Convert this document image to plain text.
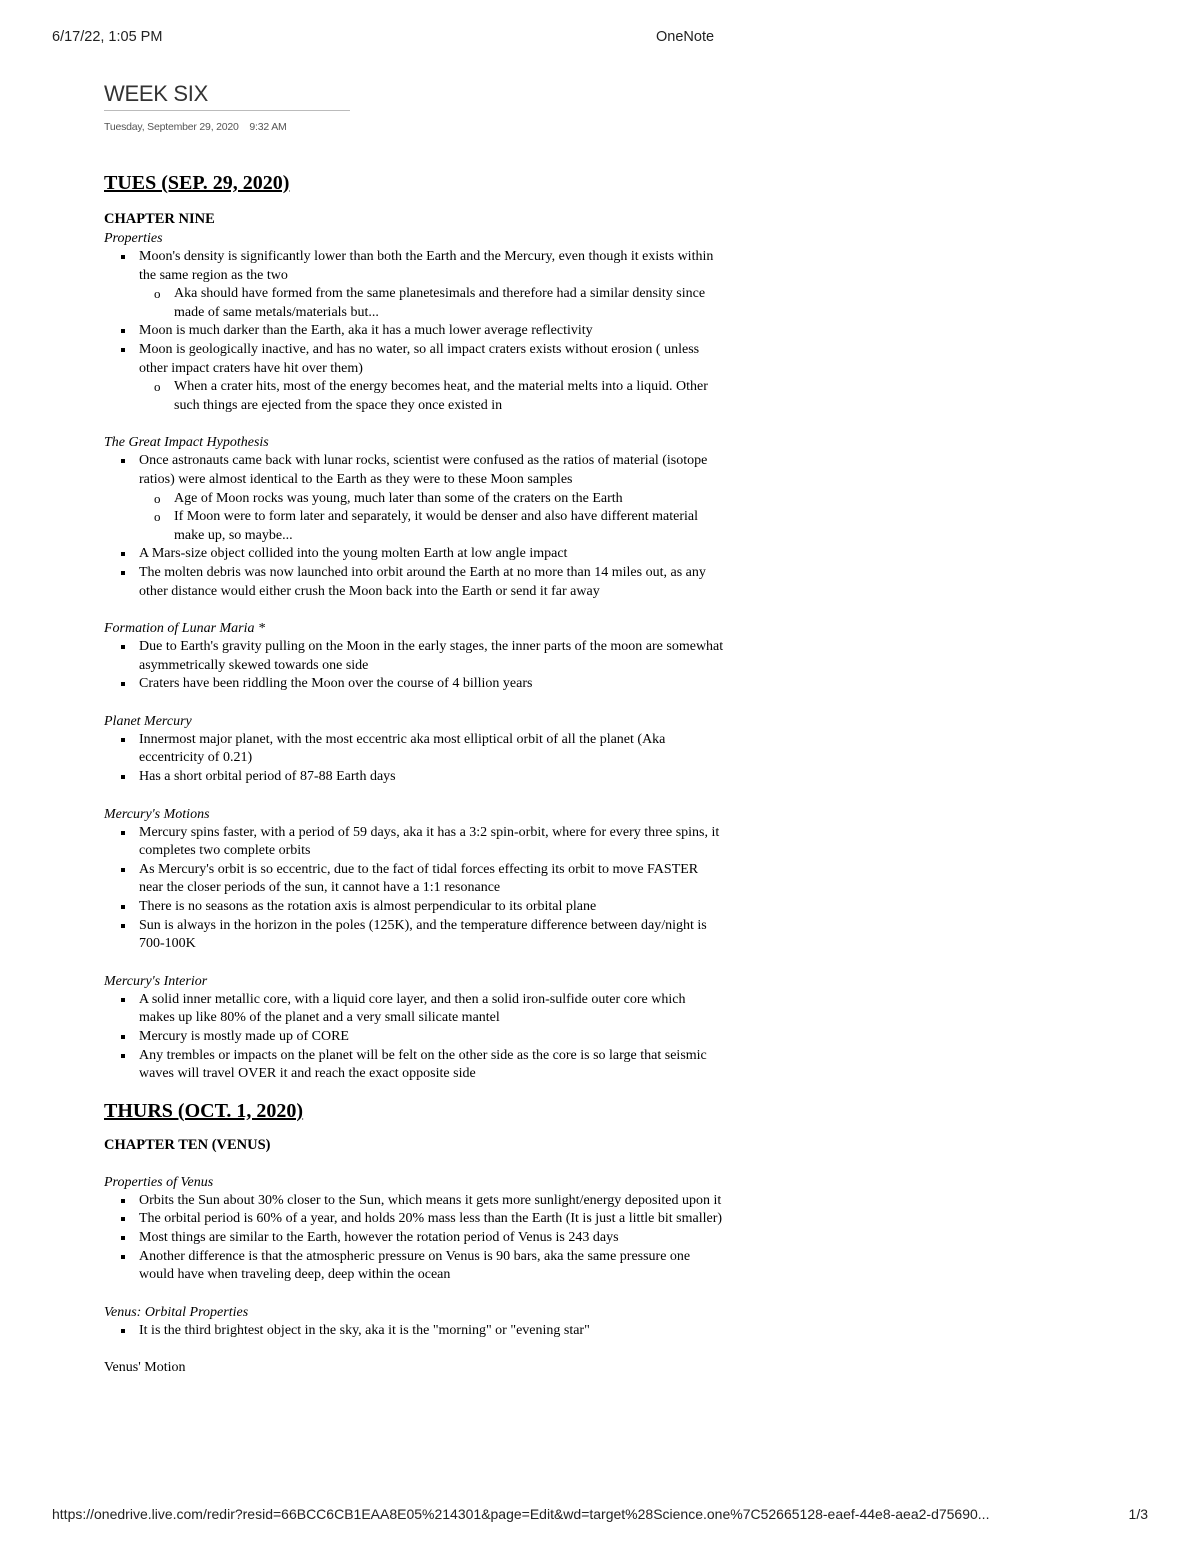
6/17/22, 1:05 PM	OneNote
WEEK SIX
Tuesday, September 29, 2020 9:32 AM
TUES (SEP. 29, 2020)
CHAPTER NINE
Properties
Moon's density is significantly lower than both the Earth and the Mercury, even though it exists within the same region as the two
o Aka should have formed from the same planetesimals and therefore had a similar density since made of same metals/materials but...
Moon is much darker than the Earth, aka it has a much lower average reflectivity
Moon is geologically inactive, and has no water, so all impact craters exists without erosion ( unless other impact craters have hit over them)
o When a crater hits, most of the energy becomes heat, and the material melts into a liquid. Other such things are ejected from the space they once existed in
The Great Impact Hypothesis
Once astronauts came back with lunar rocks, scientist were confused as the ratios of material (isotope ratios) were almost identical to the Earth as they were to these Moon samples
o Age of Moon rocks was young, much later than some of the craters on the Earth
o If Moon were to form later and separately, it would be denser and also have different material make up, so maybe...
A Mars-size object collided into the young molten Earth at low angle impact
The molten debris was now launched into orbit around the Earth at no more than 14 miles out, as any other distance would either crush the Moon back into the Earth or send it far away
Formation of Lunar Maria *
Due to Earth's gravity pulling on the Moon in the early stages, the inner parts of the moon are somewhat asymmetrically skewed towards one side
Craters have been riddling the Moon over the course of 4 billion years
Planet Mercury
Innermost major planet, with the most eccentric aka most elliptical orbit of all the planet (Aka eccentricity of 0.21)
Has a short orbital period of 87-88 Earth days
Mercury's Motions
Mercury spins faster, with a period of 59 days, aka it has a 3:2 spin-orbit, where for every three spins, it completes two complete orbits
As Mercury's orbit is so eccentric, due to the fact of tidal forces effecting its orbit to move FASTER near the closer periods of the sun, it cannot have a 1:1 resonance
There is no seasons as the rotation axis is almost perpendicular to its orbital plane
Sun is always in the horizon in the poles (125K), and the temperature difference between day/night is 700-100K
Mercury's Interior
A solid inner metallic core, with a liquid core layer, and then a solid iron-sulfide outer core which makes up like 80% of the planet and a very small silicate mantel
Mercury is mostly made up of CORE
Any trembles or impacts on the planet will be felt on the other side as the core is so large that seismic waves will travel OVER it and reach the exact opposite side
THURS (OCT. 1, 2020)
CHAPTER TEN (VENUS)
Properties of Venus
Orbits the Sun about 30% closer to the Sun, which means it gets more sunlight/energy deposited upon it
The orbital period is 60% of a year, and holds 20% mass less than the Earth (It is just a little bit smaller)
Most things are similar to the Earth, however the rotation period of Venus is 243 days
Another difference is that the atmospheric pressure on Venus is 90 bars, aka the same pressure one would have when traveling deep, deep within the ocean
Venus: Orbital Properties
It is the third brightest object in the sky, aka it is the "morning" or "evening star"
Venus' Motion
https://onedrive.live.com/redir?resid=66BCC6CB1EAA8E05%214301&page=Edit&wd=target%28Science.one%7C52665128-eaef-44e8-aea2-d75690...	1/3
